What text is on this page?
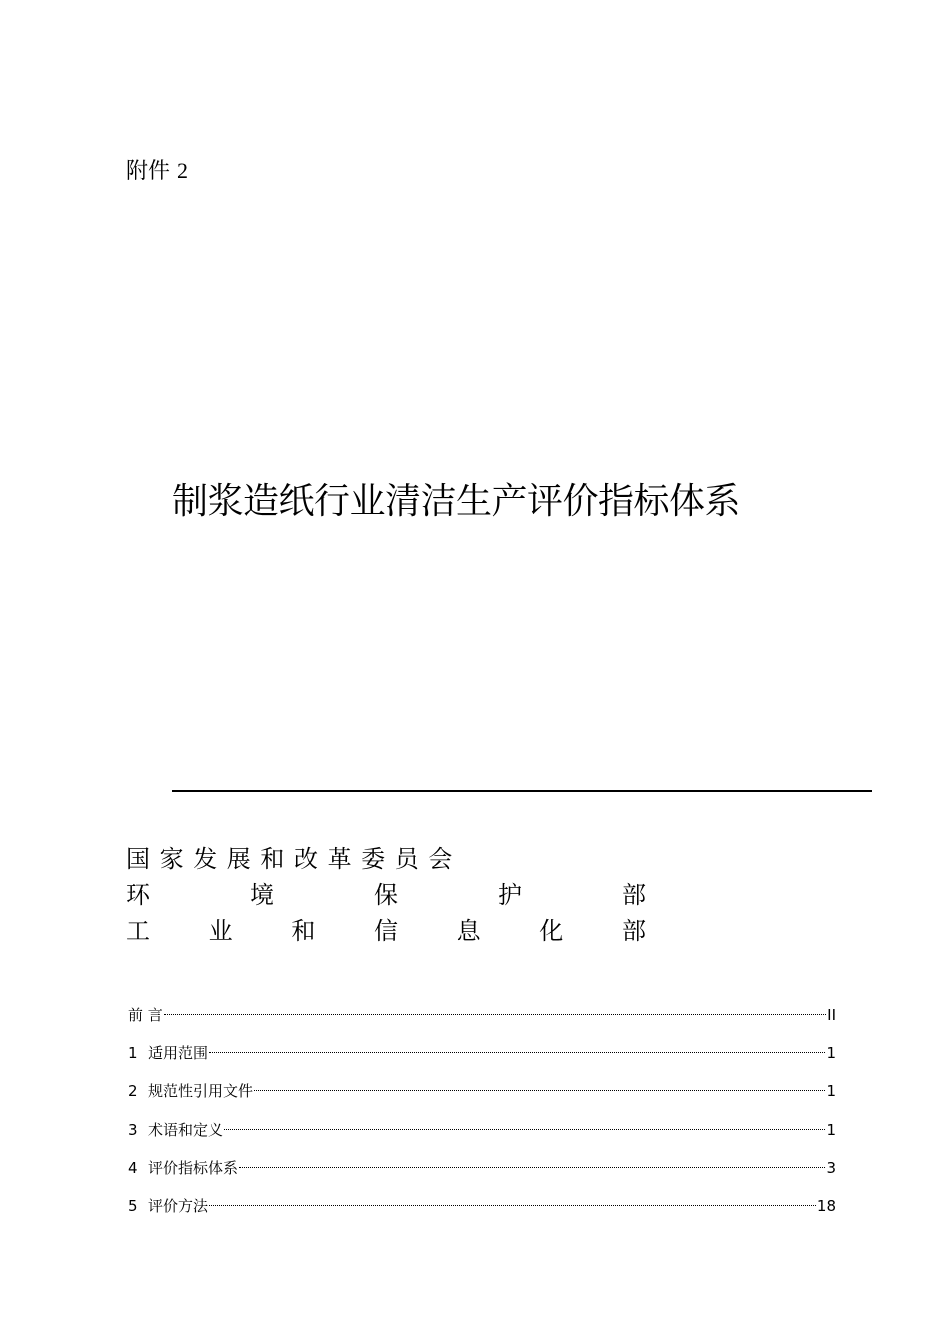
附件 2
制浆造纸行业清洁生产评价指标体系
国 家 发 展 和 改 革 委 员 会
环	境	保	护	部
工 业 和 信 息 化 部
前 言	II
1 适用范围	1
2 规范性引用文件	1
3 术语和定义	1
4 评价指标体系	3
5 评价方法	18
